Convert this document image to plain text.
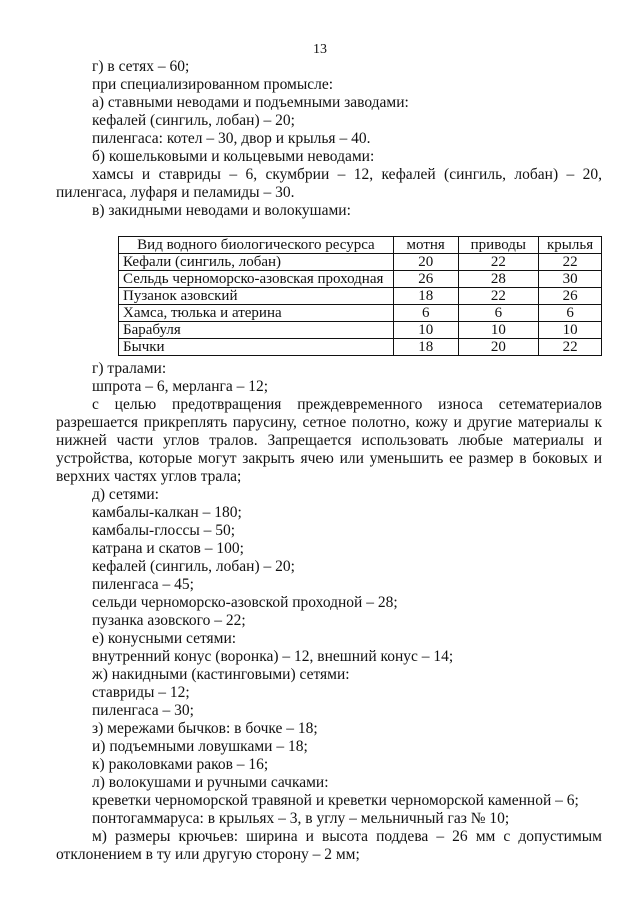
13
г) в сетях – 60;
при специализированном промысле:
а) ставными неводами и подъемными заводами:
кефалей (сингиль, лобан) – 20;
пиленгаса: котел – 30, двор и крылья – 40.
б) кошельковыми и кольцевыми неводами:
хамсы и ставриды – 6, скумбрии – 12, кефалей (сингиль, лобан) – 20,
пиленгаса, луфаря и пеламиды – 30.
в) закидными неводами и волокушами:
Вид водного биологического ресурса	мотня	приводы	крылья
Кефали (сингиль, лобан)	20	22	22
Сельдь черноморско-азовская проходная	26	28	30
Пузанок азовский	18	22	26
Хамса, тюлька и атерина	6	6	6
Барабуля	10	10	10
Бычки	18	20	22
г) тралами:
шпрота – 6, мерланга – 12;
с целью предотвращения преждевременного износа сетематериалов
разрешается прикреплять парусину, сетное полотно, кожу и другие материалы к
нижней части углов тралов. Запрещается использовать любые материалы и
устройства, которые могут закрыть ячею или уменьшить ее размер в боковых и
верхних частях углов трала;
д) сетями:
камбалы-калкан – 180;
камбалы-глоссы – 50;
катрана и скатов – 100;
кефалей (сингиль, лобан) – 20;
пиленгаса – 45;
сельди черноморско-азовской проходной – 28;
пузанка азовского – 22;
е) конусными сетями:
внутренний конус (воронка) – 12, внешний конус – 14;
ж) накидными (кастинговыми) сетями:
ставриды – 12;
пиленгаса – 30;
з) мережами бычков: в бочке – 18;
и) подъемными ловушками – 18;
к) раколовками раков – 16;
л) волокушами и ручными сачками:
креветки черноморской травяной и креветки черноморской каменной – 6;
понтогаммаруса: в крыльях – 3, в углу – мельничный газ № 10;
м) размеры крючьев: ширина и высота поддева – 26 мм с допустимым
отклонением в ту или другую сторону – 2 мм;
